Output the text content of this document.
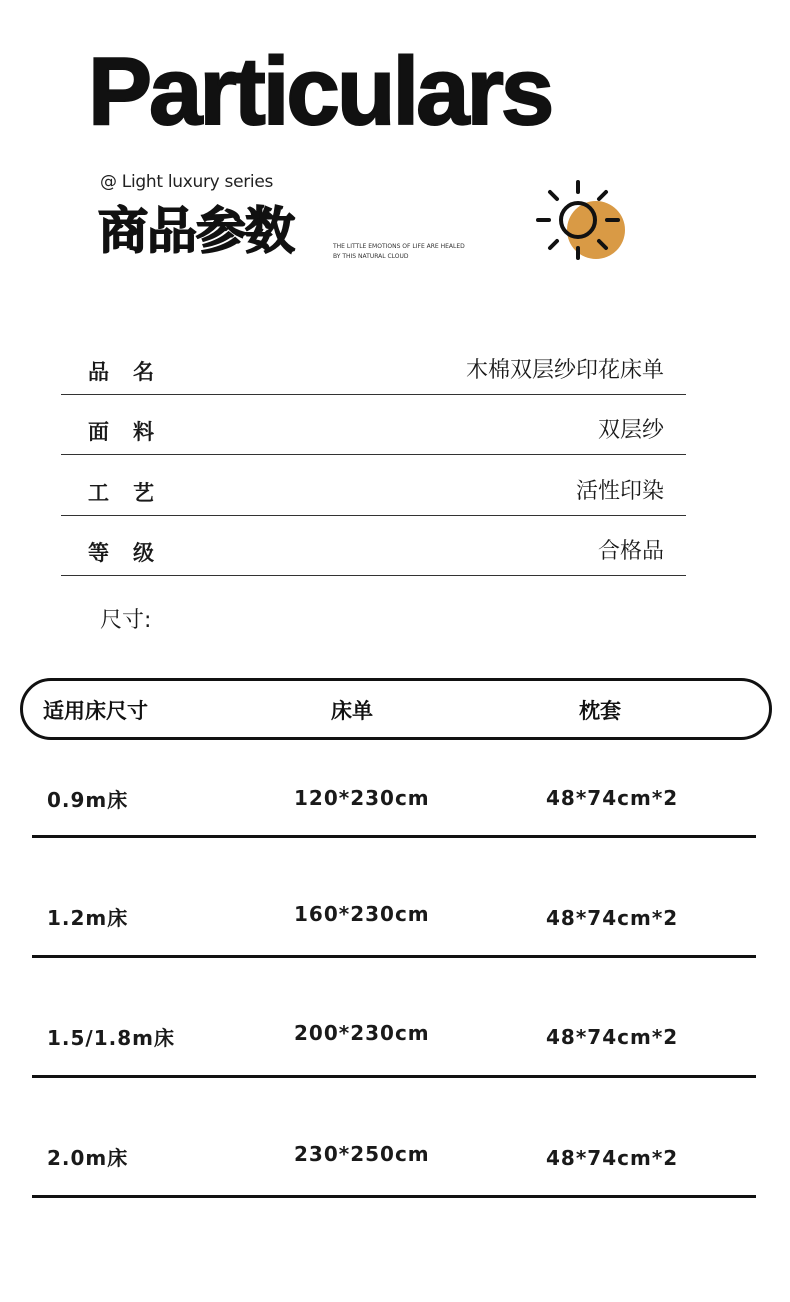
Particulars
@ Light luxury series
商品参数	THE LITTLE EMOTIONS OF LIFE ARE HEALED
BY THIS NATURAL CLOUD
品名	木棉双层纱印花床单
面料	双层纱
工艺	活性印染
等级	合格品
尺寸:
适用床尺寸	床单	枕套
0.9m床	120*230cm	48*74cm*2
1.2m床	160*230cm	48*74cm*2
1.5/1.8m床	200*230cm	48*74cm*2
2.0m床	230*250cm	48*74cm*2
